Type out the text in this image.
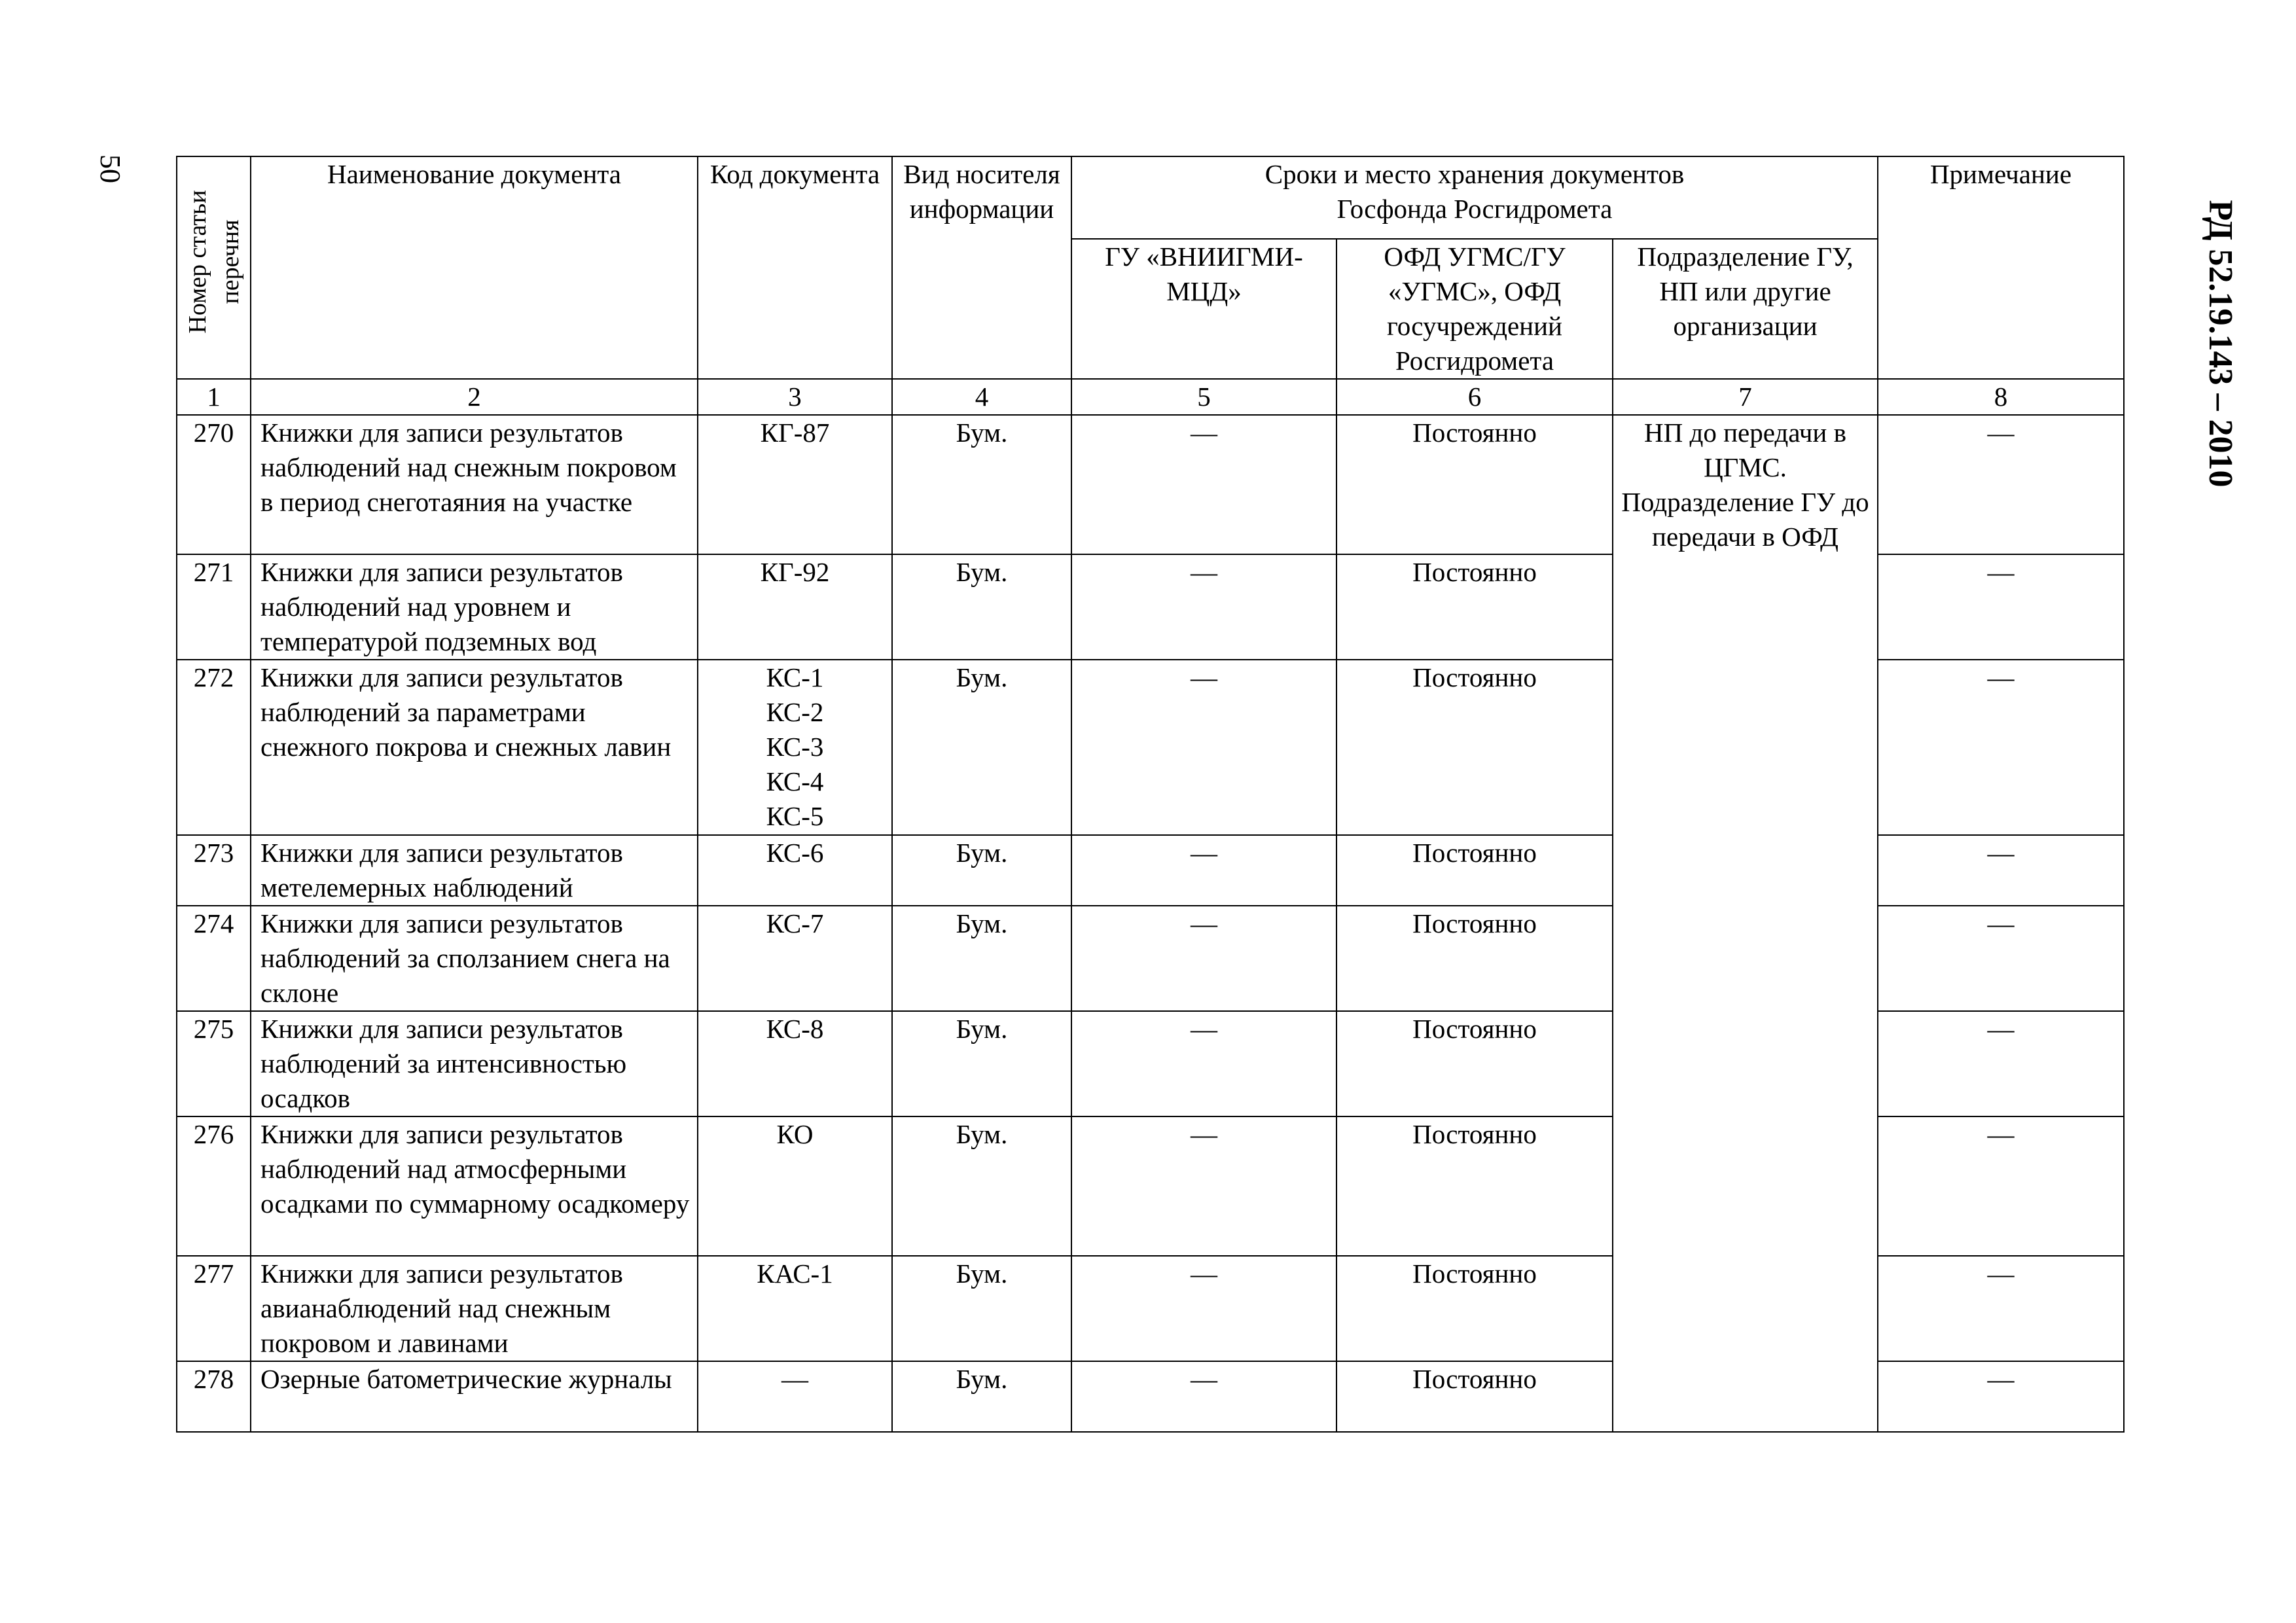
50
РД 52.19.143 – 2010
Номер статьи перечня	Наименование документа	Код документа	Вид носителя информации	Сроки и место хранения документов Госфонда Росгидромета			Примечание
				ГУ «ВНИИГМИ-МЦД»	ОФД УГМС/ГУ «УГМС», ОФД госучреждений Росгидромета	Подразделение ГУ, НП или другие организации	
1	2	3	4	5	6	7	8
270	Книжки для записи результатов наблюдений над снежным покровом в период снеготаяния на участке	КГ-87	Бум.	—	Постоянно	НП до передачи в ЦГМС. Подразделение ГУ до передачи в ОФД	—
271	Книжки для записи результатов наблюдений над уровнем и температурой подземных вод	КГ-92	Бум.	—	Постоянно		—
272	Книжки для записи результатов наблюдений за параметрами снежного покрова и снежных лавин	КС-1
КС-2
КС-3
КС-4
КС-5	Бум.	—	Постоянно		—
273	Книжки для записи результатов метелемерных наблюдений	КС-6	Бум.	—	Постоянно		—
274	Книжки для записи результатов наблюдений за сползанием снега на склоне	КС-7	Бум.	—	Постоянно		—
275	Книжки для записи результатов наблюдений за интенсивностью осадков	КС-8	Бум.	—	Постоянно		—
276	Книжки для записи результатов наблюдений над атмосферными осадками по суммарному осадкомеру	КО	Бум.	—	Постоянно		—
277	Книжки для записи результатов авианаблюдений над снежным покровом и лавинами	КАС-1	Бум.	—	Постоянно		—
278	Озерные батометрические журналы	—	Бум.	—	Постоянно		—
